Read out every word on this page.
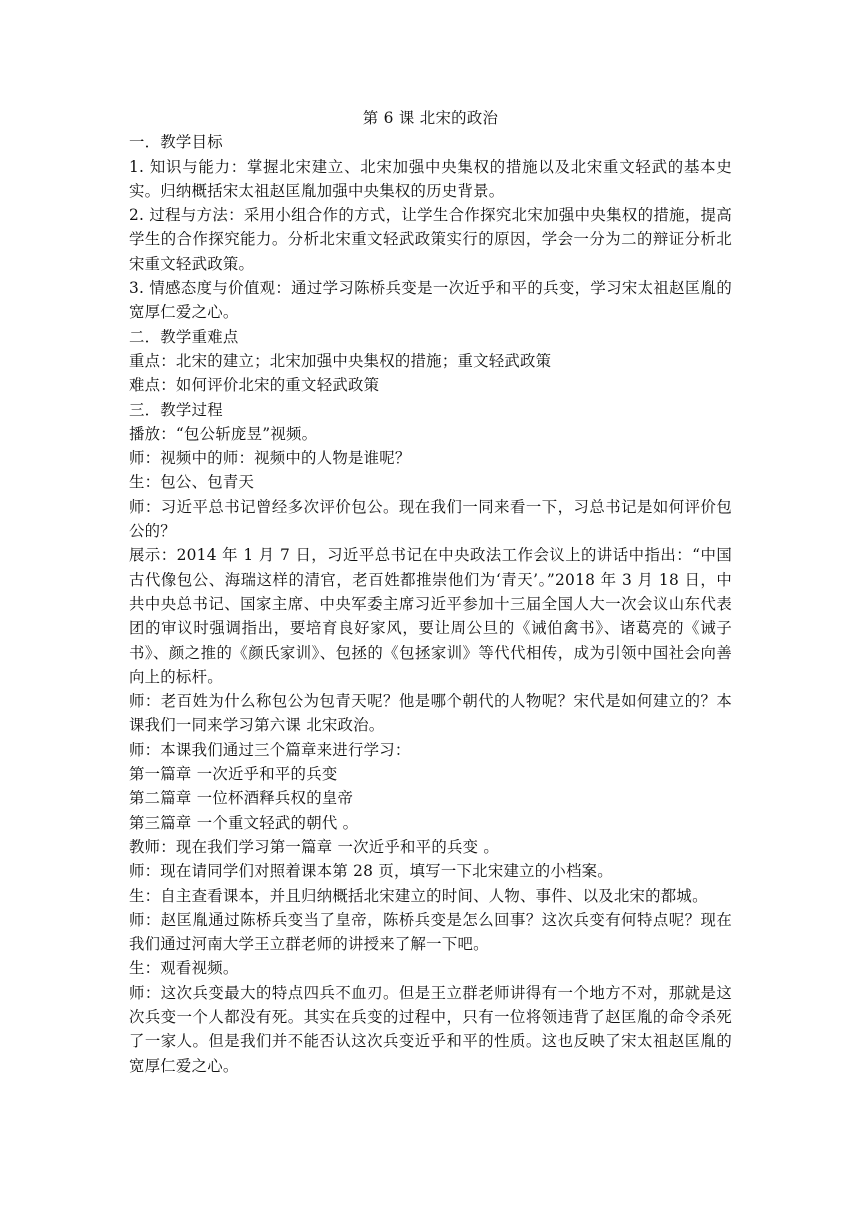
第 6 课 北宋的政治

一．教学目标

1. 知识与能力：掌握北宋建立、北宋加强中央集权的措施以及北宋重文轻武的基本史实。归纳概括宋太祖赵匡胤加强中央集权的历史背景。

2. 过程与方法：采用小组合作的方式，让学生合作探究北宋加强中央集权的措施，提高学生的合作探究能力。分析北宋重文轻武政策实行的原因，学会一分为二的辩证分析北宋重文轻武政策。

3. 情感态度与价值观：通过学习陈桥兵变是一次近乎和平的兵变，学习宋太祖赵匡胤的宽厚仁爱之心。

二．教学重难点

重点：北宋的建立；北宋加强中央集权的措施；重文轻武政策

难点：如何评价北宋的重文轻武政策

三．教学过程

播放：“包公斩庞昱”视频。

师：视频中的师：视频中的人物是谁呢？

生：包公、包青天

师：习近平总书记曾经多次评价包公。现在我们一同来看一下，习总书记是如何评价包公的？

展示：2014 年 1 月 7 日，习近平总书记在中央政法工作会议上的讲话中指出：“中国古代像包公、海瑞这样的清官，老百姓都推崇他们为‘青天’。”2018 年 3 月 18 日，中共中央总书记、国家主席、中央军委主席习近平参加十三届全国人大一次会议山东代表团的审议时强调指出，要培育良好家风，要让周公旦的《诫伯禽书》、诸葛亮的《诫子书》、颜之推的《颜氏家训》、包拯的《包拯家训》等代代相传，成为引领中国社会向善向上的标杆。

师：老百姓为什么称包公为包青天呢？他是哪个朝代的人物呢？宋代是如何建立的？本课我们一同来学习第六课 北宋政治。

师：本课我们通过三个篇章来进行学习：

第一篇章 一次近乎和平的兵变

第二篇章 一位杯酒释兵权的皇帝

第三篇章 一个重文轻武的朝代 。

教师：现在我们学习第一篇章 一次近乎和平的兵变 。

师：现在请同学们对照着课本第 28 页，填写一下北宋建立的小档案。

生：自主查看课本，并且归纳概括北宋建立的时间、人物、事件、以及北宋的都城。

师：赵匡胤通过陈桥兵变当了皇帝，陈桥兵变是怎么回事？这次兵变有何特点呢？现在我们通过河南大学王立群老师的讲授来了解一下吧。

生：观看视频。

师：这次兵变最大的特点四兵不血刃。但是王立群老师讲得有一个地方不对，那就是这次兵变一个人都没有死。其实在兵变的过程中，只有一位将领违背了赵匡胤的命令杀死了一家人。但是我们并不能否认这次兵变近乎和平的性质。这也反映了宋太祖赵匡胤的宽厚仁爱之心。
